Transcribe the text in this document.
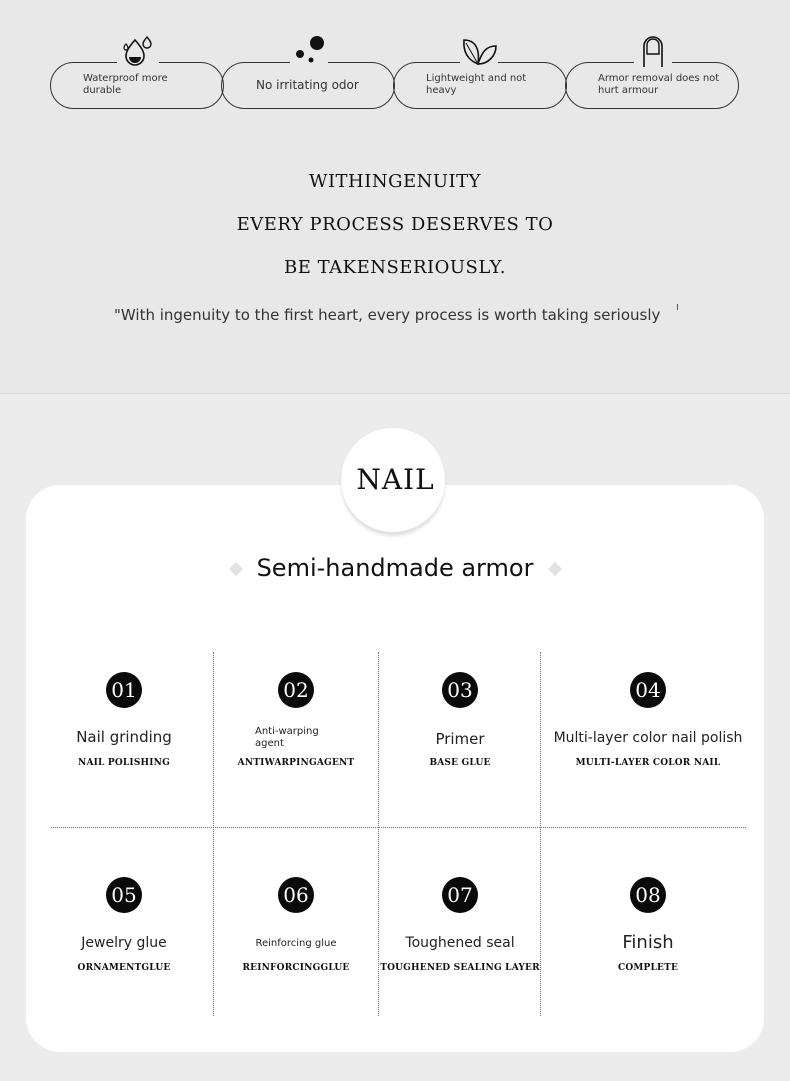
Waterproof more durable	No irritating odor	Lightweight and not heavy
Armor removal does not hurt armour
WITHINGENUITY
EVERY PROCESS DESERVES TO
BE TAKENSERIOUSLY.
"With ingenuity to the first heart, every process is worth taking seriously
NAIL
Semi-handmade armor
01
Nail grinding
NAIL POLISHING
02
Anti-warping agent
ANTIWARPINGAGENT
03
Primer
BASE GLUE
04
Multi-layer color nail polish
MULTI-LAYER COLOR NAIL
05
Jewelry glue
ORNAMENTGLUE
06
Reinforcing glue
REINFORCINGGLUE
07
Toughened seal
TOUGHENED SEALING LAYER
08
Finish
COMPLETE
